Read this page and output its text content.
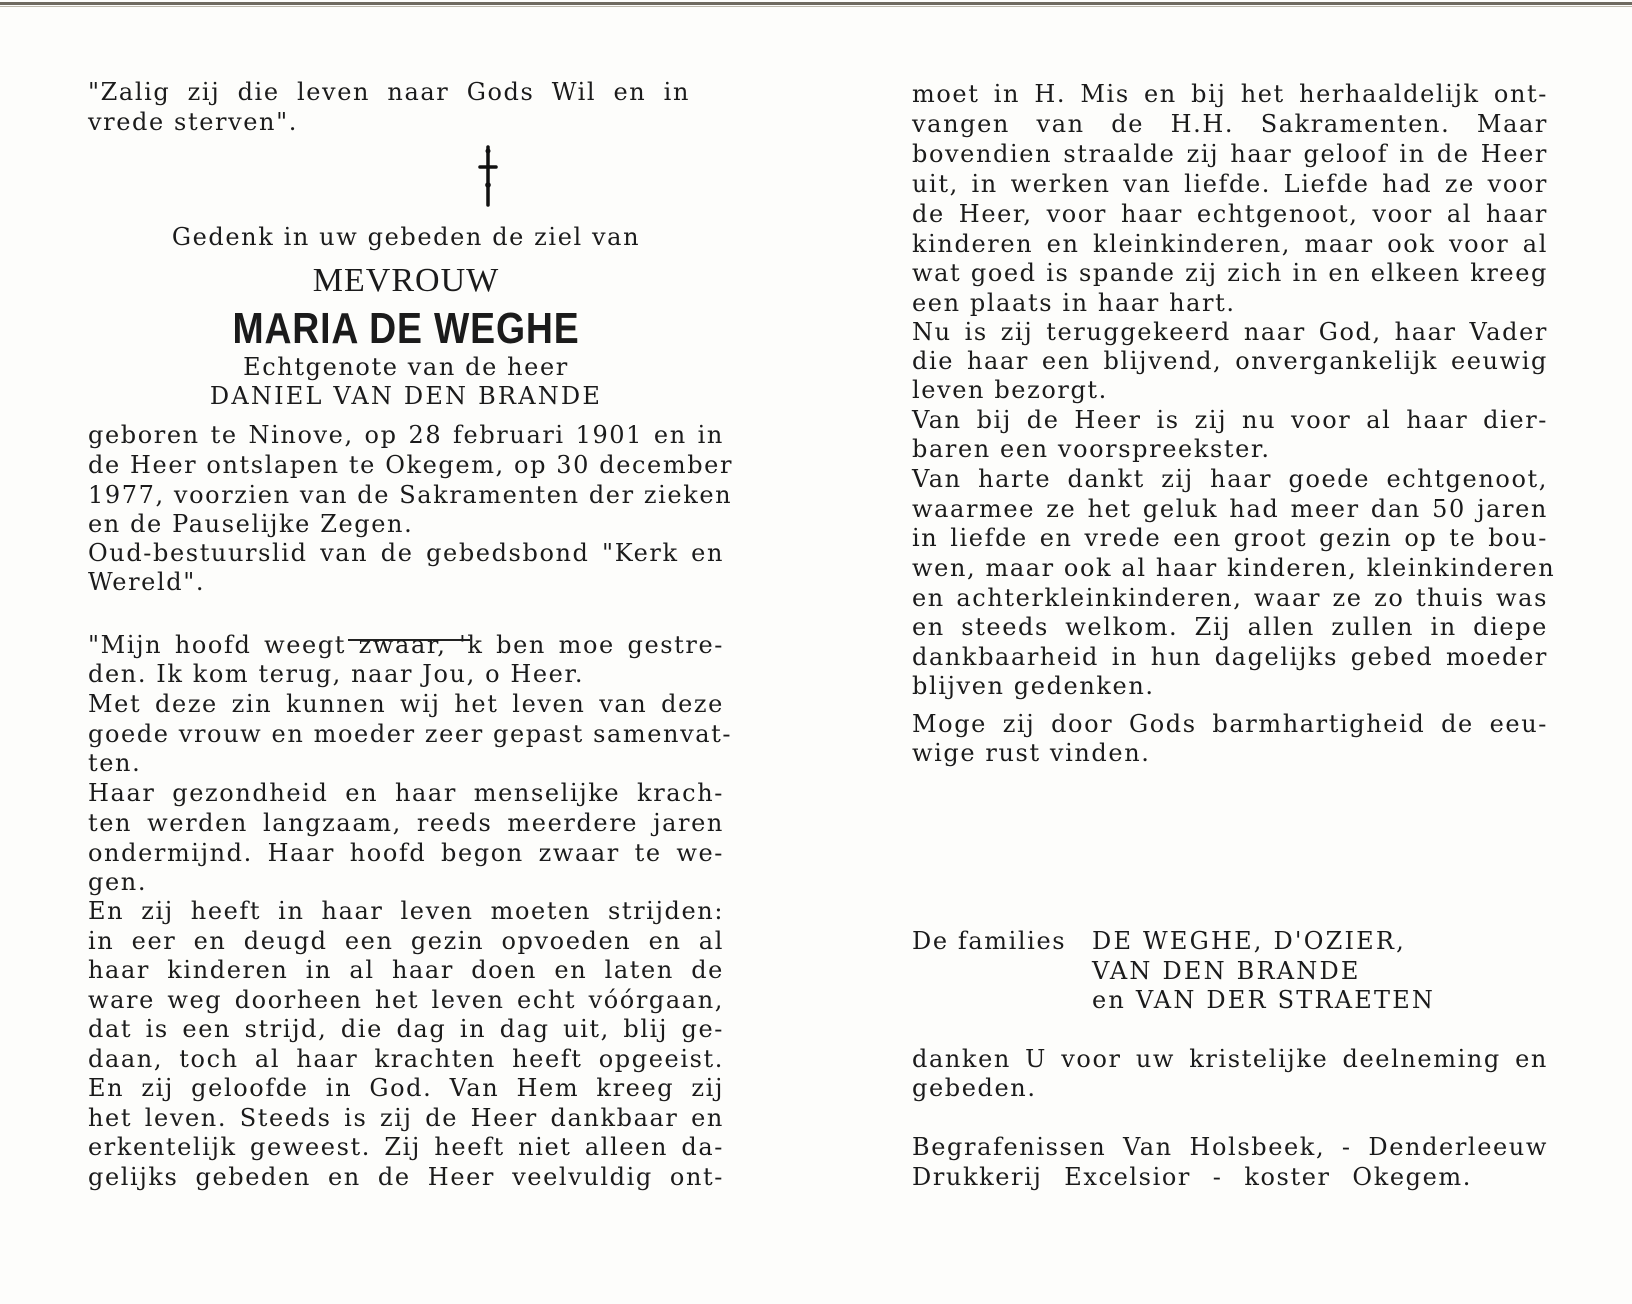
"Zalig zij die leven naar Gods Wil en in
vrede sterven".
Gedenk in uw gebeden de ziel van
MEVROUW
MARIA DE WEGHE
Echtgenote van de heer
DANIEL VAN DEN BRANDE
geboren te Ninove, op 28 februari 1901 en in
de Heer ontslapen te Okegem, op 30 december
1977, voorzien van de Sakramenten der zieken
en de Pauselijke Zegen.
Oud-bestuurslid van de gebedsbond "Kerk en
Wereld".
"Mijn hoofd weegt zwaar, 'k ben moe gestre-
den. Ik kom terug, naar Jou, o Heer.
Met deze zin kunnen wij het leven van deze
goede vrouw en moeder zeer gepast samenvat-
ten.
Haar gezondheid en haar menselijke krach-
ten werden langzaam, reeds meerdere jaren
ondermijnd. Haar hoofd begon zwaar te we-
gen.
En zij heeft in haar leven moeten strijden:
in eer en deugd een gezin opvoeden en al
haar kinderen in al haar doen en laten de
ware weg doorheen het leven echt vóórgaan,
dat is een strijd, die dag in dag uit, blij ge-
daan, toch al haar krachten heeft opgeeist.
En zij geloofde in God. Van Hem kreeg zij
het leven. Steeds is zij de Heer dankbaar en
erkentelijk geweest. Zij heeft niet alleen da-
gelijks gebeden en de Heer veelvuldig ont-
moet in H. Mis en bij het herhaaldelijk ont-
vangen van de H.H. Sakramenten. Maar
bovendien straalde zij haar geloof in de Heer
uit, in werken van liefde. Liefde had ze voor
de Heer, voor haar echtgenoot, voor al haar
kinderen en kleinkinderen, maar ook voor al
wat goed is spande zij zich in en elkeen kreeg
een plaats in haar hart.
Nu is zij teruggekeerd naar God, haar Vader
die haar een blijvend, onvergankelijk eeuwig
leven bezorgt.
Van bij de Heer is zij nu voor al haar dier-
baren een voorspreekster.
Van harte dankt zij haar goede echtgenoot,
waarmee ze het geluk had meer dan 50 jaren
in liefde en vrede een groot gezin op te bou-
wen, maar ook al haar kinderen, kleinkinderen
en achterkleinkinderen, waar ze zo thuis was
en steeds welkom. Zij allen zullen in diepe
dankbaarheid in hun dagelijks gebed moeder
blijven gedenken.
Moge zij door Gods barmhartigheid de eeu-
wige rust vinden.
De families DE WEGHE, D'OZIER,
VAN DEN BRANDE
en VAN DER STRAETEN
danken U voor uw kristelijke deelneming en
gebeden.
Begrafenissen Van Holsbeek, - Denderleeuw
Drukkerij Excelsior - koster Okegem.
